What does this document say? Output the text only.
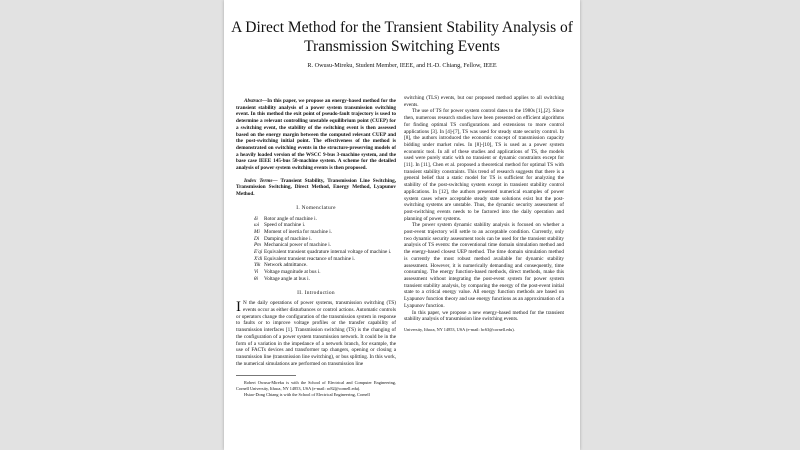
A Direct Method for the Transient Stability Analysis of Transmission Switching Events
R. Owusu-Mireku, Student Member, IEEE, and H.-D. Chiang, Fellow, IEEE
Abstract—In this paper, we propose an energy-based method for the transient stability analysis of a power system transmission switching event. In this method the exit point of pseudo-fault trajectory is used to determine a relevant controlling unstable equilibrium point (CUEP) for a switching event, the stability of the switching event is then assessed based on the energy margin between the computed relevant CUEP and the post-switching initial point. The effectiveness of the method is demonstrated on switching events in the structure-preserving models of a heavily loaded version of the WSCC 9-bus 3-machine system, and the base case IEEE 145-bus 50-machine system. A scheme for the detailed analysis of power system switching events is then proposed.
Index Terms— Transient Stability, Transmission Line Switching, Transmission Switching, Direct Method, Energy Method, Lyapunov Method.
I. Nomenclature
δi	Rotor angle of machine i.
ωi Speed of machine i.
Mi Moment of inertia for machine i.
Di Damping of machine i.
Pm Mechanical power of machine i.
E'qi Equivalent transient quadrature internal voltage of machine i.
X'di Equivalent transient reactance of machine i.
Yik Network admittance.
Vi	Voltage magnitude at bus i.
θi	Voltage angle at bus i.
II. Introduction

I N the daily operations of power systems, transmission switching (TS) events occur as either disturbances or control actions. Automatic controls or operators change the configuration of the transmission system in response to faults or to improve voltage profiles or the transfer capability of transmission interfaces [1]. Transmission switching (TS) is the changing of the configuration of a power system transmission network. It could be in the form of a variation in the impedance of a network branch, for example, the use of FACTs devices and transformer tap changers, opening or closing a transmission line (transmission line switching), or bus splitting. In this work, the numerical simulations are performed on transmission line

Robert Owusu-Mireku is with the School of Electrical and Computer Engineering, Cornell University, Ithaca, NY 14853, USA (e-mail: ro82@cornell.edu).
Hsiao-Dong Chiang is with the School of Electrical Engineering, Cornell

switching (TLS) events, but our proposed method applies to all switching events.

The use of TS for power system control dates to the 1980s [1],[2]. Since then, numerous research studies have been presented on efficient algorithms for finding optimal TS configurations and extensions to more control applications [3]. In [4]-[7], TS was used for steady state security control. In [8], the authors introduced the economic concept of transmission capacity bidding under market rules. In [8]-[10], TS is used as a power system economic tool. In all of these studies and applications of TS, the models used were purely static with no transient or dynamic constraints except for [11]. In [11], Chen et al. proposed a theoretical method for optimal TS with transient stability constraints. This trend of research suggests that there is a general belief that a static model for TS is sufficient for analyzing the stability of the post-switching system except in transient stability control applications. In [12], the authors presented numerical examples of power system cases where acceptable steady state solutions exist but the post-switching systems are unstable. Thus, the dynamic security assessment of post-switching events needs to be factored into the daily operation and planning of power systems.

The power system dynamic stability analysis is focused on whether a post-event trajectory will settle to an acceptable condition. Currently, only two dynamic security assessment tools can be used for the transient stability analysis of TS events: the conventional time domain simulation method and the energy-based closest UEP method. The time domain simulation method is currently the most robust method available for dynamic stability assessment. However, it is numerically demanding and consequently, time consuming. The energy function-based methods, direct methods, make this assessment without integrating the post-event system for power system transient stability analysis, by comparing the energy of the post-event initial state to a critical energy value. All energy function methods are based on Lyapunov function theory and use energy functions as an approximation of a Lyapunov function.

In this paper, we propose a new energy-based method for the transient stability analysis of transmission line switching events.

University, Ithaca, NY 14853, USA (e-mail: hc63@cornell.edu).
